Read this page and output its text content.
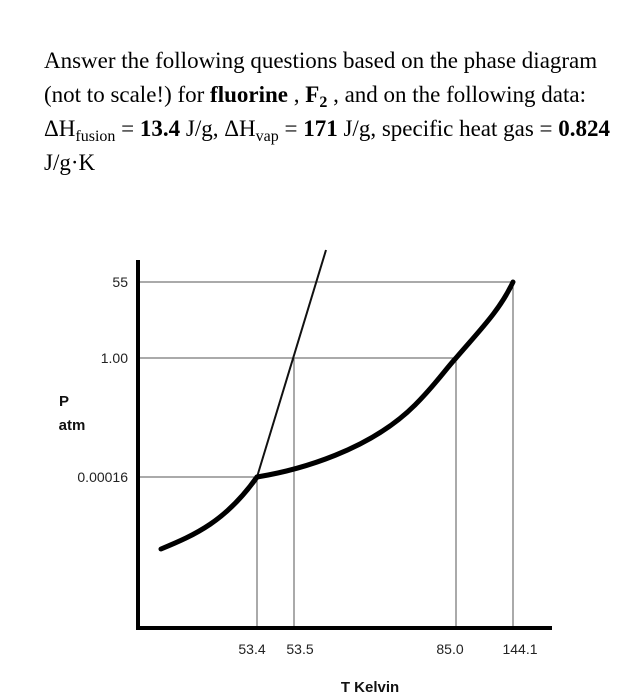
Answer the following questions based on the phase diagram (not to scale!) for fluorine , $F_2$ , and on the following data:

$\Delta H_{fusion} = 13.4$ J/g, $\Delta H_{vap} = 171$ J/g, specific heat gas = 0.824 J/g·K

55
1.00
0.00016
53.4 53.5	85.0	144.1
P
atm
T Kelvin
